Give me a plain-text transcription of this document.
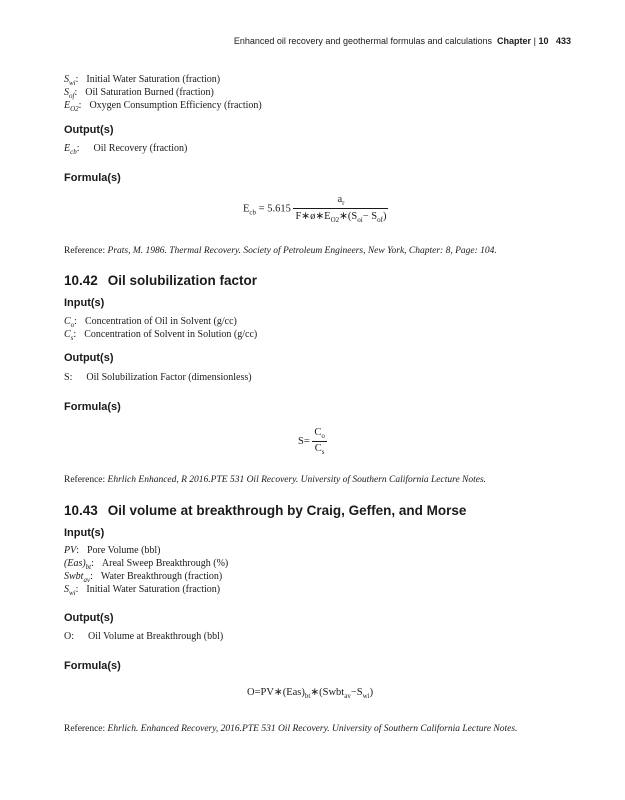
Enhanced oil recovery and geothermal formulas and calculations Chapter | 10 433
$S_{wi}$: Initial Water Saturation (fraction)
$S_{of}$: Oil Saturation Burned (fraction)
$E_{O2}$: Oxygen Consumption Efficiency (fraction)
Output(s)
$E_{cb}$: Oil Recovery (fraction)
Formula(s)
$E_{cb} = 5.615 \frac{a_r}{F∗ø∗E_{O2}∗(S_{oi}- S_{of})}$
Reference: Prats, M. 1986. Thermal Recovery. Society of Petroleum Engineers, New York, Chapter: 8, Page: 104.
10.42 Oil solubilization factor
Input(s)
$C_o$: Concentration of Oil in Solvent (g/cc)
$C_s$: Concentration of Solvent in Solution (g/cc)
Output(s)
S: Oil Solubilization Factor (dimensionless)
Formula(s)
$S= \frac{C_o}{C_s}$
Reference: Ehrlich Enhanced, R 2016.PTE 531 Oil Recovery. University of Southern California Lecture Notes.
10.43 Oil volume at breakthrough by Craig, Geffen, and Morse
Input(s)
PV: Pore Volume (bbl)
$(Eas)_{bt}$: Areal Sweep Breakthrough (%)
Swbt$_{av}$: Water Breakthrough (fraction)
$S_{wi}$: Initial Water Saturation (fraction)
Output(s)
O: Oil Volume at Breakthrough (bbl)
Formula(s)
$O=PV∗(Eas)_{bt}∗(Swbt_{av}-S_{wi})$
Reference: Ehrlich. Enhanced Recovery, 2016.PTE 531 Oil Recovery. University of Southern California Lecture Notes.
